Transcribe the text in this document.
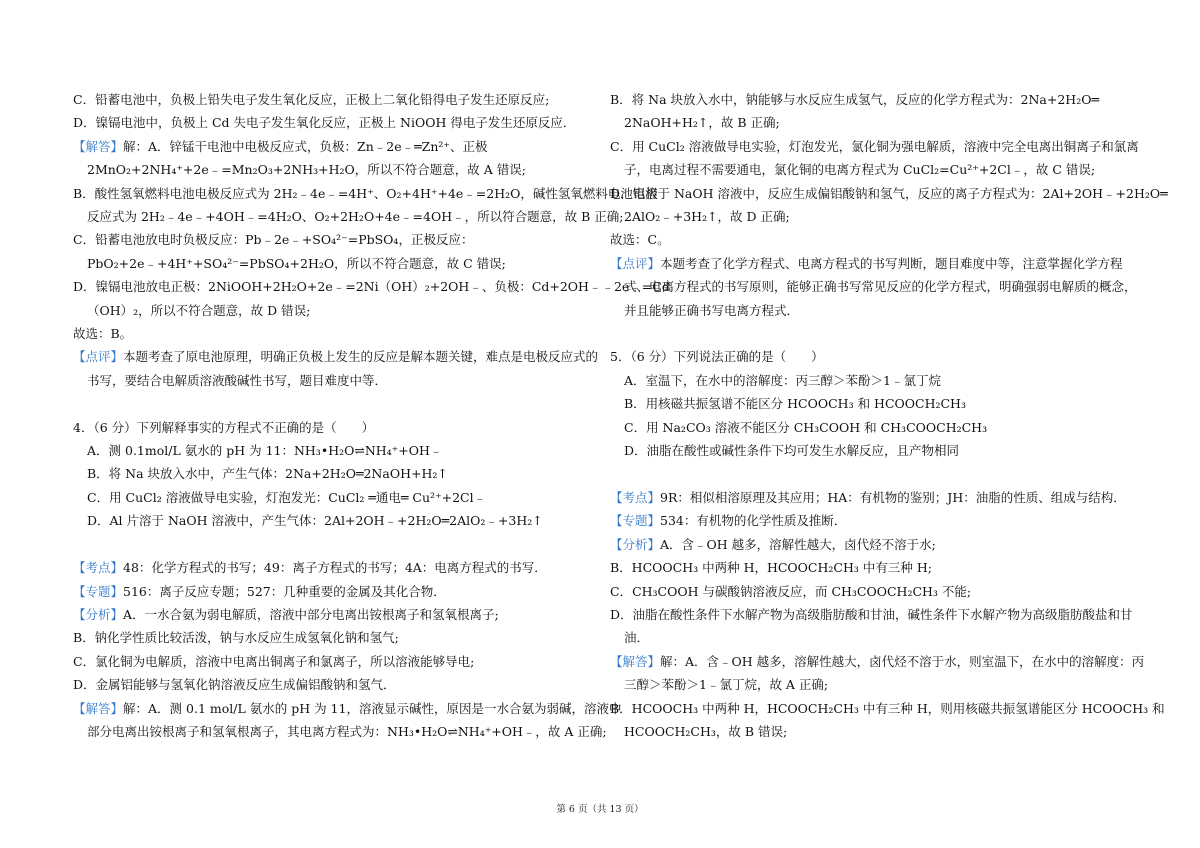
C．铅蓄电池中，负极上铅失电子发生氧化反应，正极上二氧化铅得电子发生还原反应;
D．镍镉电池中，负极上 Cd 失电子发生氧化反应，正极上 NiOOH 得电子发生还原反应．
【解答】解：A．锌锰干电池中电极反应式，负极：Zn﹣2e﹣═Zn²⁺、正极
2MnO₂+2NH₄⁺+2e﹣=Mn₂O₃+2NH₃+H₂O，所以不符合题意，故 A 错误;
B．酸性氢氧燃料电池电极反应式为 2H₂﹣4e﹣=4H⁺、O₂+4H⁺+4e﹣=2H₂O，碱性氢氧燃料电池电极
反应式为 2H₂﹣4e﹣+4OH﹣=4H₂O、O₂+2H₂O+4e﹣=4OH﹣，所以符合题意，故 B 正确;
C．铅蓄电池放电时负极反应：Pb﹣2e﹣+SO₄²⁻=PbSO₄，正极反应：
PbO₂+2e﹣+4H⁺+SO₄²⁻=PbSO₄+2H₂O，所以不符合题意，故 C 错误;
D．镍镉电池放电正极：2NiOOH+2H₂O+2e﹣=2Ni（OH）₂+2OH﹣、负极：Cd+2OH﹣﹣2e﹣=Cd
（OH）₂，所以不符合题意，故 D 错误;
故选：B。
【点评】本题考查了原电池原理，明确正负极上发生的反应是解本题关键，难点是电极反应式的
书写，要结合电解质溶液酸碱性书写，题目难度中等．
4．（6 分）下列解释事实的方程式不正确的是（　　）
A．测 0.1mol/L 氨水的 pH 为 11：NH₃•H₂O⇌NH₄⁺+OH﹣
B．将 Na 块放入水中，产生气体：2Na+2H₂O═2NaOH+H₂↑
C．用 CuCl₂ 溶液做导电实验，灯泡发光：CuCl₂ ═通电═ Cu²⁺+2Cl﹣
D．Al 片溶于 NaOH 溶液中，产生气体：2Al+2OH﹣+2H₂O═2AlO₂﹣+3H₂↑
【考点】48：化学方程式的书写；49：离子方程式的书写；4A：电离方程式的书写．
【专题】516：离子反应专题；527：几种重要的金属及其化合物．
【分析】A．一水合氨为弱电解质，溶液中部分电离出铵根离子和氢氧根离子;
B．钠化学性质比较活泼，钠与水反应生成氢氧化钠和氢气;
C．氯化铜为电解质，溶液中电离出铜离子和氯离子，所以溶液能够导电;
D．金属铝能够与氢氧化钠溶液反应生成偏铝酸钠和氢气．
【解答】解：A．测 0.1 mol/L 氨水的 pH 为 11，溶液显示碱性，原因是一水合氨为弱碱，溶液中
部分电离出铵根离子和氢氧根离子，其电离方程式为：NH₃•H₂O⇌NH₄⁺+OH﹣，故 A 正确;
B．将 Na 块放入水中，钠能够与水反应生成氢气，反应的化学方程式为：2Na+2H₂O═
2NaOH+H₂↑，故 B 正确;
C．用 CuCl₂ 溶液做导电实验，灯泡发光，氯化铜为强电解质，溶液中完全电离出铜离子和氯离
子，电离过程不需要通电，氯化铜的电离方程式为 CuCl₂=Cu²⁺+2Cl﹣，故 C 错误;
D．铝溶于 NaOH 溶液中，反应生成偏铝酸钠和氢气，反应的离子方程式为：2Al+2OH﹣+2H₂O═
2AlO₂﹣+3H₂↑，故 D 正确;
故选：C。
【点评】本题考查了化学方程式、电离方程式的书写判断，题目难度中等，注意掌握化学方程
式、电离方程式的书写原则，能够正确书写常见反应的化学方程式，明确强弱电解质的概念，
并且能够正确书写电离方程式．
5．（6 分）下列说法正确的是（　　）
A．室温下，在水中的溶解度：丙三醇＞苯酚＞1﹣氯丁烷
B．用核磁共振氢谱不能区分 HCOOCH₃ 和 HCOOCH₂CH₃
C．用 Na₂CO₃ 溶液不能区分 CH₃COOH 和 CH₃COOCH₂CH₃
D．油脂在酸性或碱性条件下均可发生水解反应，且产物相同
【考点】9R：相似相溶原理及其应用；HA：有机物的鉴别；JH：油脂的性质、组成与结构．
【专题】534：有机物的化学性质及推断．
【分析】A．含﹣OH 越多，溶解性越大，卤代烃不溶于水;
B．HCOOCH₃ 中两种 H，HCOOCH₂CH₃ 中有三种 H;
C．CH₃COOH 与碳酸钠溶液反应，而 CH₃COOCH₂CH₃ 不能;
D．油脂在酸性条件下水解产物为高级脂肪酸和甘油，碱性条件下水解产物为高级脂肪酸盐和甘
油．
【解答】解：A．含﹣OH 越多，溶解性越大，卤代烃不溶于水，则室温下，在水中的溶解度：丙
三醇＞苯酚＞1﹣氯丁烷，故 A 正确;
B．HCOOCH₃ 中两种 H，HCOOCH₂CH₃ 中有三种 H，则用核磁共振氢谱能区分 HCOOCH₃ 和
HCOOCH₂CH₃，故 B 错误;
第 6 页（共 13 页）
